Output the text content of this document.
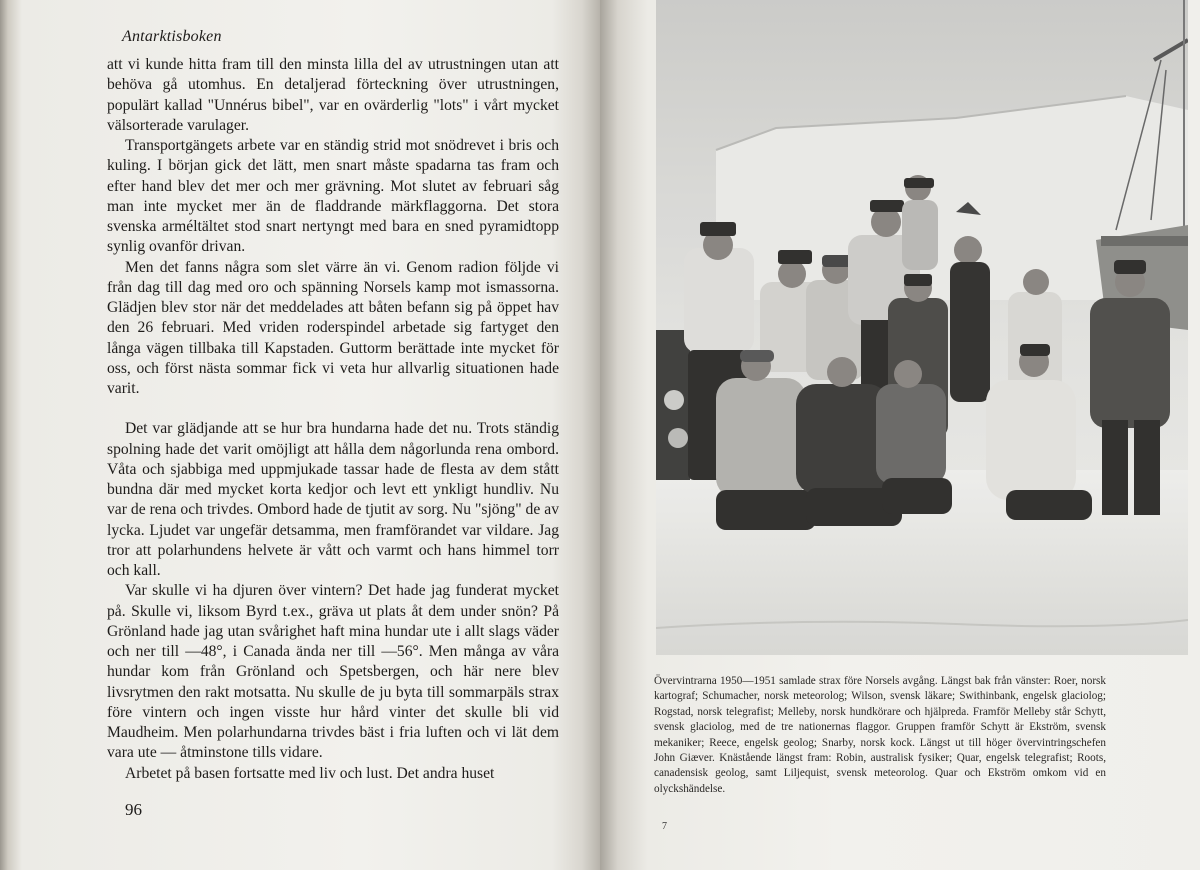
Antarktisboken

att vi kunde hitta fram till den minsta lilla del av utrustningen utan att behöva gå utomhus. En detaljerad förteckning över utrustningen, populärt kallad "Unnérus bibel", var en ovärderlig "lots" i vårt mycket välsorterade varulager.

Transportgängets arbete var en ständig strid mot snödrevet i bris och kuling. I början gick det lätt, men snart måste spadarna tas fram och efter hand blev det mer och mer grävning. Mot slutet av februari såg man inte mycket mer än de fladdrande märkflaggorna. Det stora svenska arméltältet stod snart nertyngt med bara en sned pyramidtopp synlig ovanför drivan.

Men det fanns några som slet värre än vi. Genom radion följde vi från dag till dag med oro och spänning Norsels kamp mot ismassorna. Glädjen blev stor när det meddelades att båten befann sig på öppet hav den 26 februari. Med vriden roderspindel arbetade sig fartyget den långa vägen tillbaka till Kapstaden. Guttorm berättade inte mycket för oss, och först nästa sommar fick vi veta hur allvarlig situationen hade varit.

Det var glädjande att se hur bra hundarna hade det nu. Trots ständig spolning hade det varit omöjligt att hålla dem någorlunda rena ombord. Våta och sjabbiga med uppmjukade tassar hade de flesta av dem stått bundna där med mycket korta kedjor och levt ett ynkligt hundliv. Nu var de rena och trivdes. Ombord hade de tjutit av sorg. Nu "sjöng" de av lycka. Ljudet var ungefär detsamma, men framförandet var vildare. Jag tror att polarhundens helvete är vått och varmt och hans himmel torr och kall.

Var skulle vi ha djuren över vintern? Det hade jag funderat mycket på. Skulle vi, liksom Byrd t.ex., gräva ut plats åt dem under snön? På Grönland hade jag utan svårighet haft mina hundar ute i allt slags väder och ner till —48°, i Canada ända ner till —56°. Men många av våra hundar kom från Grönland och Spetsbergen, och här nere blev livsrytmen den rakt motsatta. Nu skulle de ju byta till sommarpäls strax före vintern och ingen visste hur hård vinter det skulle bli vid Maudheim. Men polarhundarna trivdes bäst i fria luften och vi lät dem vara ute — åtminstone tills vidare.

Arbetet på basen fortsatte med liv och lust. Det andra huset

96
Övervintrarna 1950—1951 samlade strax före Norsels avgång. Längst bak från vänster: Roer, norsk kartograf; Schumacher, norsk meteorolog; Wilson, svensk läkare; Swithinbank, engelsk glaciolog; Rogstad, norsk telegrafist; Melleby, norsk hundkörare och hjälpreda. Framför Melleby står Schytt, svensk glaciolog, med de tre nationernas flaggor. Gruppen framför Schytt är Ekström, svensk mekaniker; Reece, engelsk geolog; Snarby, norsk kock. Längst ut till höger övervintringschefen John Giæver. Knästående längst fram: Robin, australisk fysiker; Quar, engelsk telegrafist; Roots, canadensisk geolog, samt Liljequist, svensk meteorolog. Quar och Ekström omkom vid en olyckshändelse.
7
